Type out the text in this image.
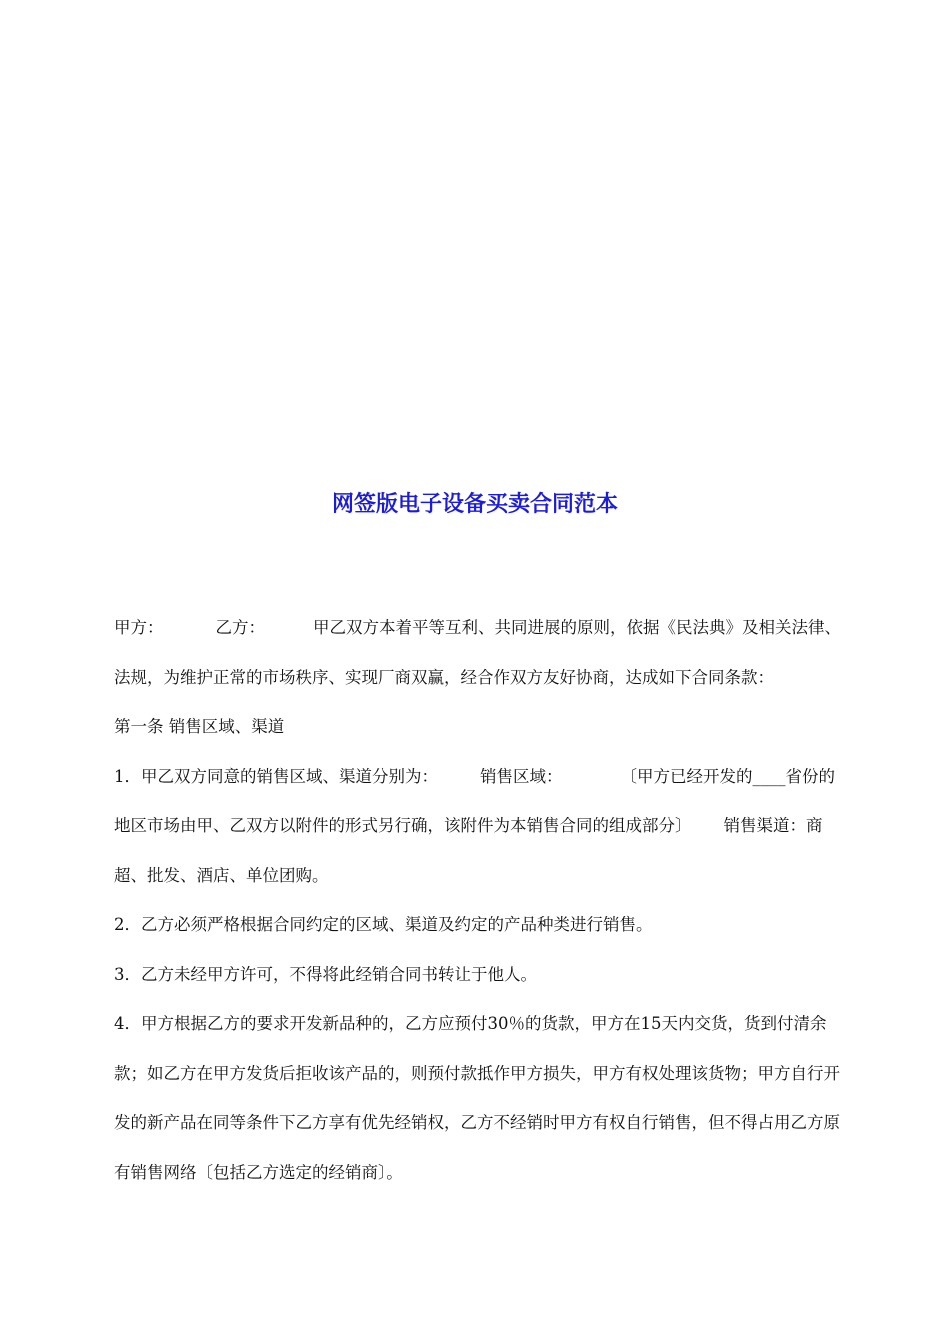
网签版电子设备买卖合同范本

甲方：	乙方：	甲乙双方本着平等互利、共同进展的原则，依据《民法典》及相关法律、法规，为维护正常的市场秩序、实现厂商双赢，经合作双方友好协商，达成如下合同条款：

第一条 销售区域、渠道

1．甲乙双方同意的销售区域、渠道分别为：	销售区域：	〔甲方已经开发的____省份的地区市场由甲、乙双方以附件的形式另行确，该附件为本销售合同的组成部分〕 销售渠道：商超、批发、酒店、单位团购。

2．乙方必须严格根据合同约定的区域、渠道及约定的产品种类进行销售。

3．乙方未经甲方许可，不得将此经销合同书转让于他人。

4．甲方根据乙方的要求开发新品种的，乙方应预付30％的货款，甲方在15天内交货，货到付清余款；如乙方在甲方发货后拒收该产品的，则预付款抵作甲方损失，甲方有权处理该货物；甲方自行开发的新产品在同等条件下乙方享有优先经销权，乙方不经销时甲方有权自行销售，但不得占用乙方原有销售网络〔包括乙方选定的经销商〕。
